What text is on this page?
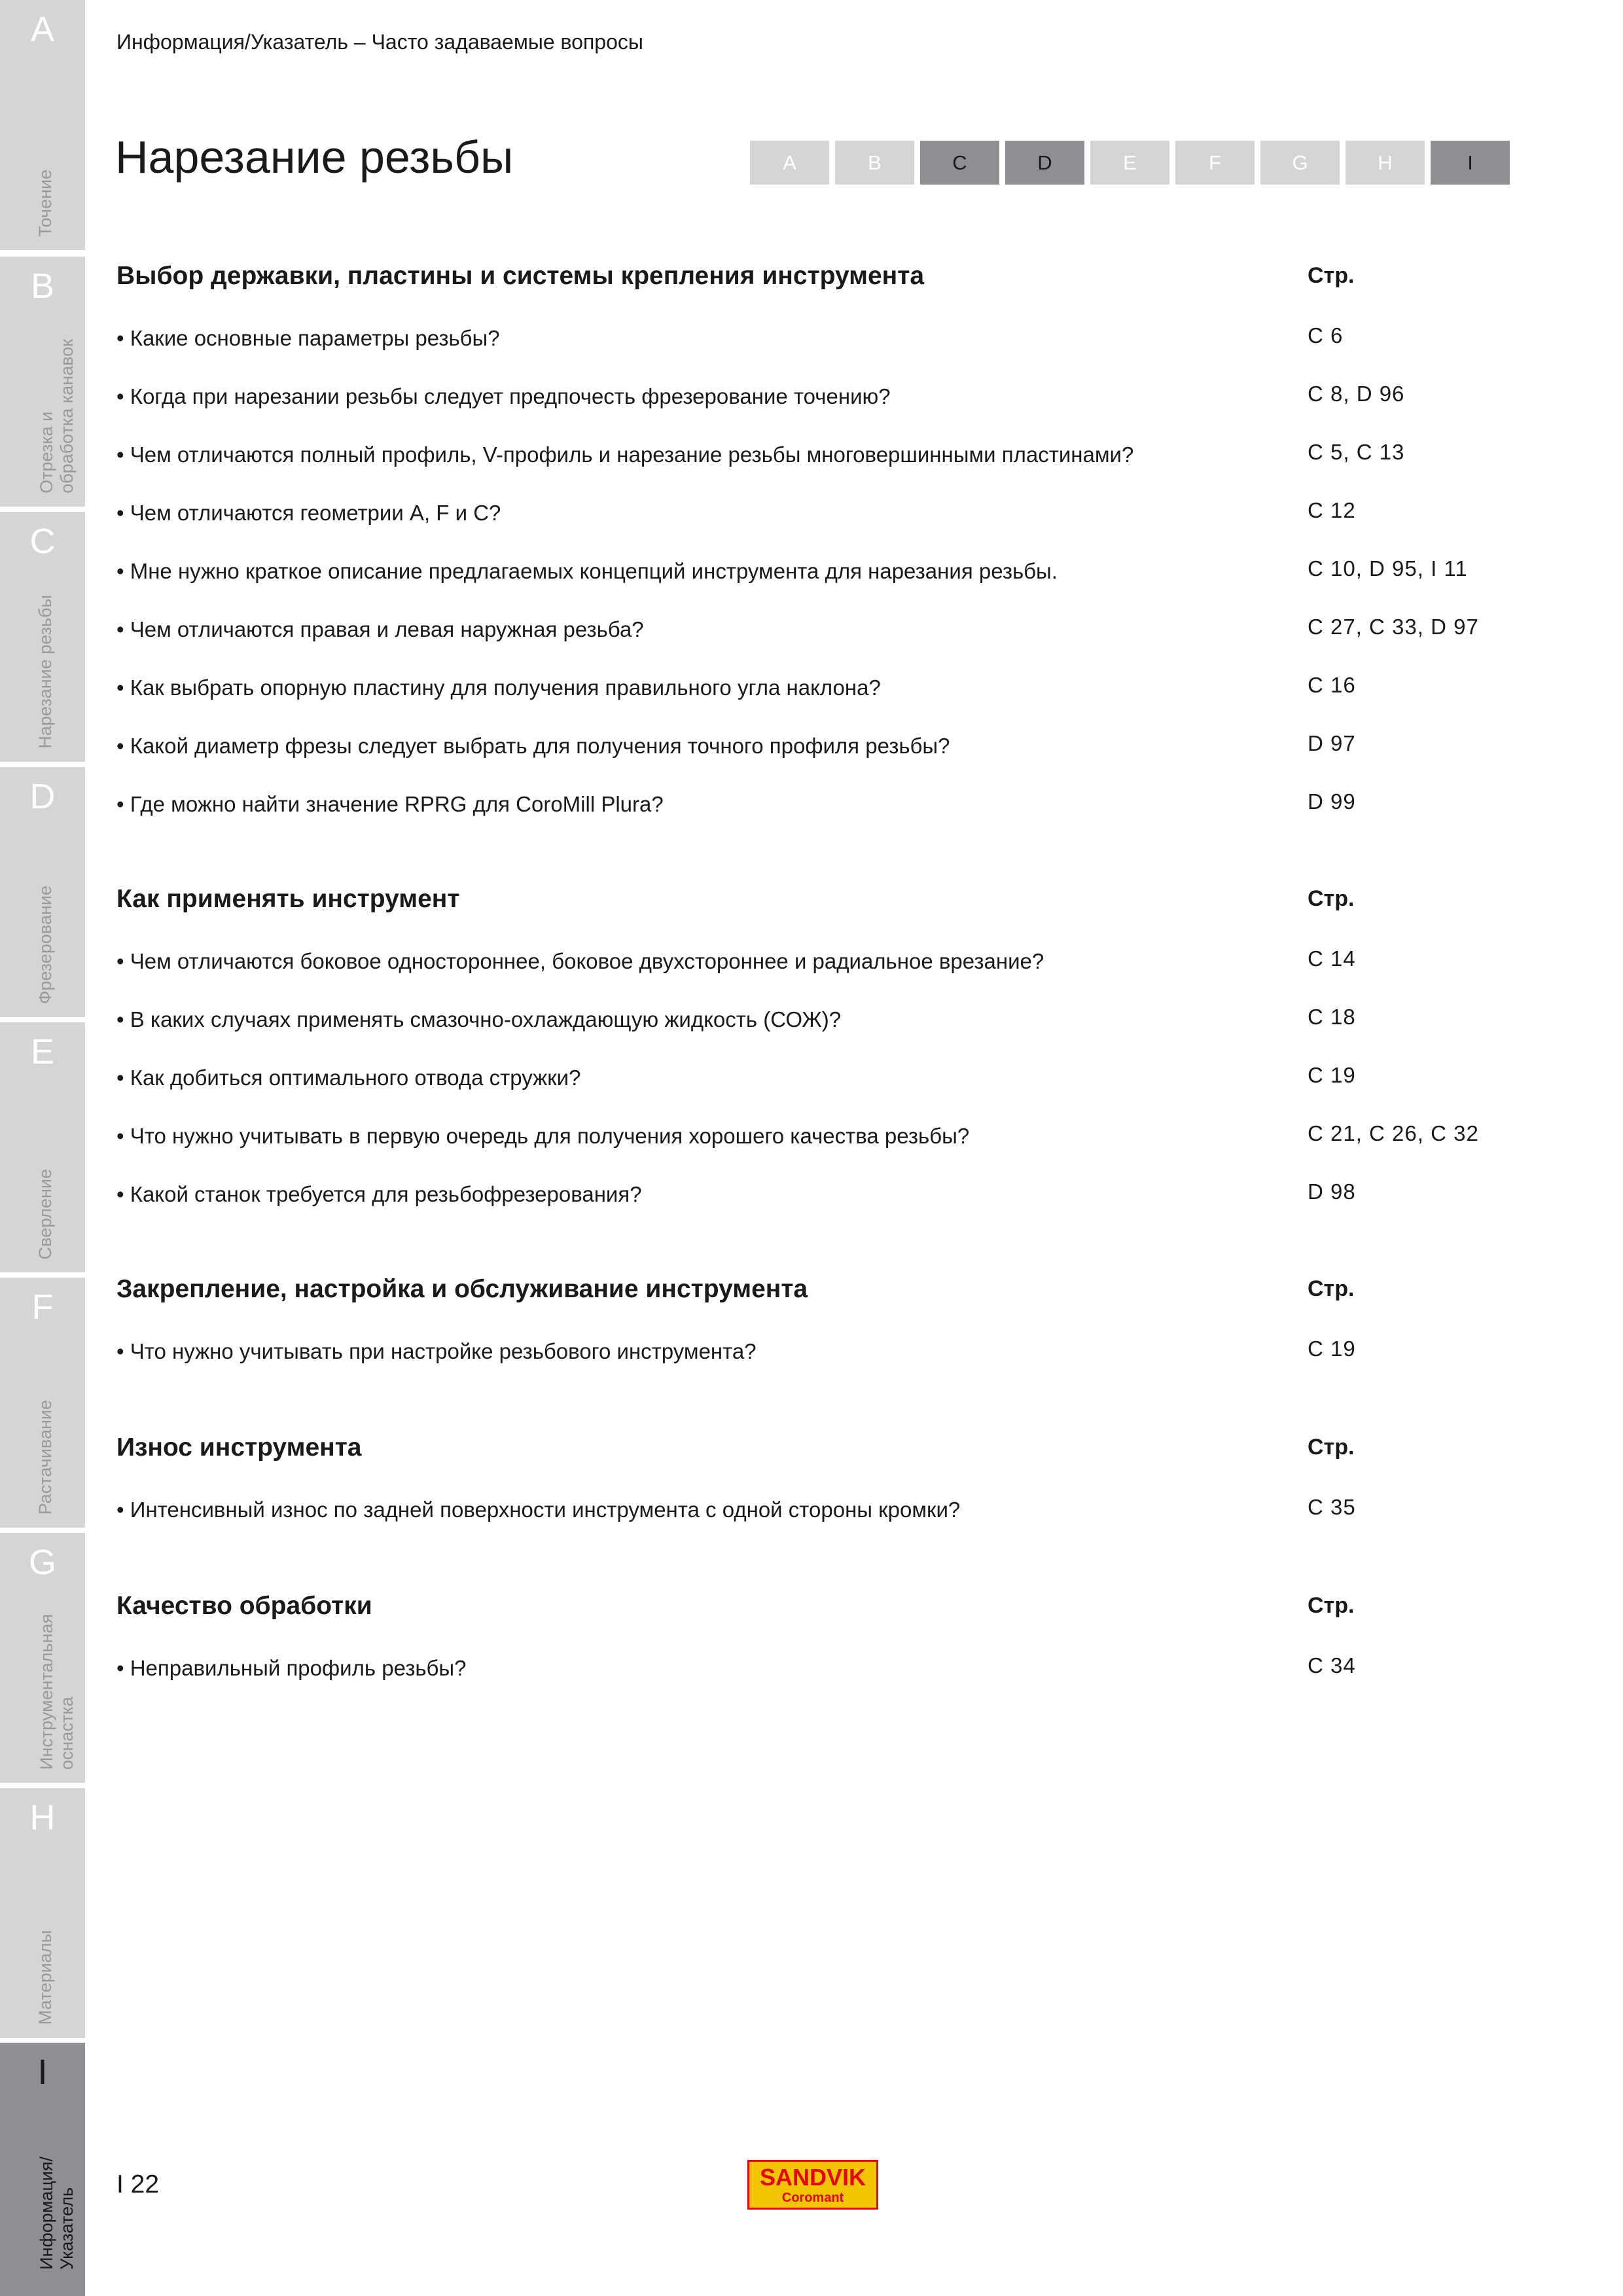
A
Точение
B
Отрезка и
обработка канавок
C
Нарезание резьбы
D
Фрезерование
E
Сверление
F
Растачивание
G
Инструментальная
оснастка
H
Материалы
I
Информация/
Указатель
Информация/Указатель – Часто задаваемые вопросы
Нарезание резьбы	A	B	C	D	E	F	G	H	I
Выбор державки, пластины и системы крепления инструмента	Стр.
• Какие основные параметры резьбы?	C 6
• Когда при нарезании резьбы следует предпочесть фрезерование точению?	C 8, D 96
• Чем отличаются полный профиль, V-профиль и нарезание резьбы многовершинными пластинами?	C 5, C 13
• Чем отличаются геометрии A, F и C?	C 12
• Мне нужно краткое описание предлагаемых концепций инструмента для нарезания резьбы.	C 10, D 95, I 11
• Чем отличаются правая и левая наружная резьба?	C 27, C 33, D 97
• Как выбрать опорную пластину для получения правильного угла наклона?	C 16
• Какой диаметр фрезы следует выбрать для получения точного профиля резьбы?	D 97
• Где можно найти значение RPRG для CoroMill Plura?	D 99
Как применять инструмент	Стр.
• Чем отличаются боковое одностороннее, боковое двухстороннее и радиальное врезание?	C 14
• В каких случаях применять смазочно-охлаждающую жидкость (СОЖ)?	C 18
• Как добиться оптимального отвода стружки?	C 19
• Что нужно учитывать в первую очередь для получения хорошего качества резьбы?	C 21, C 26, C 32
• Какой станок требуется для резьбофрезерования?	D 98
Закрепление, настройка и обслуживание инструмента	Стр.
• Что нужно учитывать при настройке резьбового инструмента?	C 19
Износ инструмента	Стр.
• Интенсивный износ по задней поверхности инструмента с одной стороны кромки?	C 35
Качество обработки	Стр.
• Неправильный профиль резьбы?	C 34
I 22	SANDVIK
Coromant
